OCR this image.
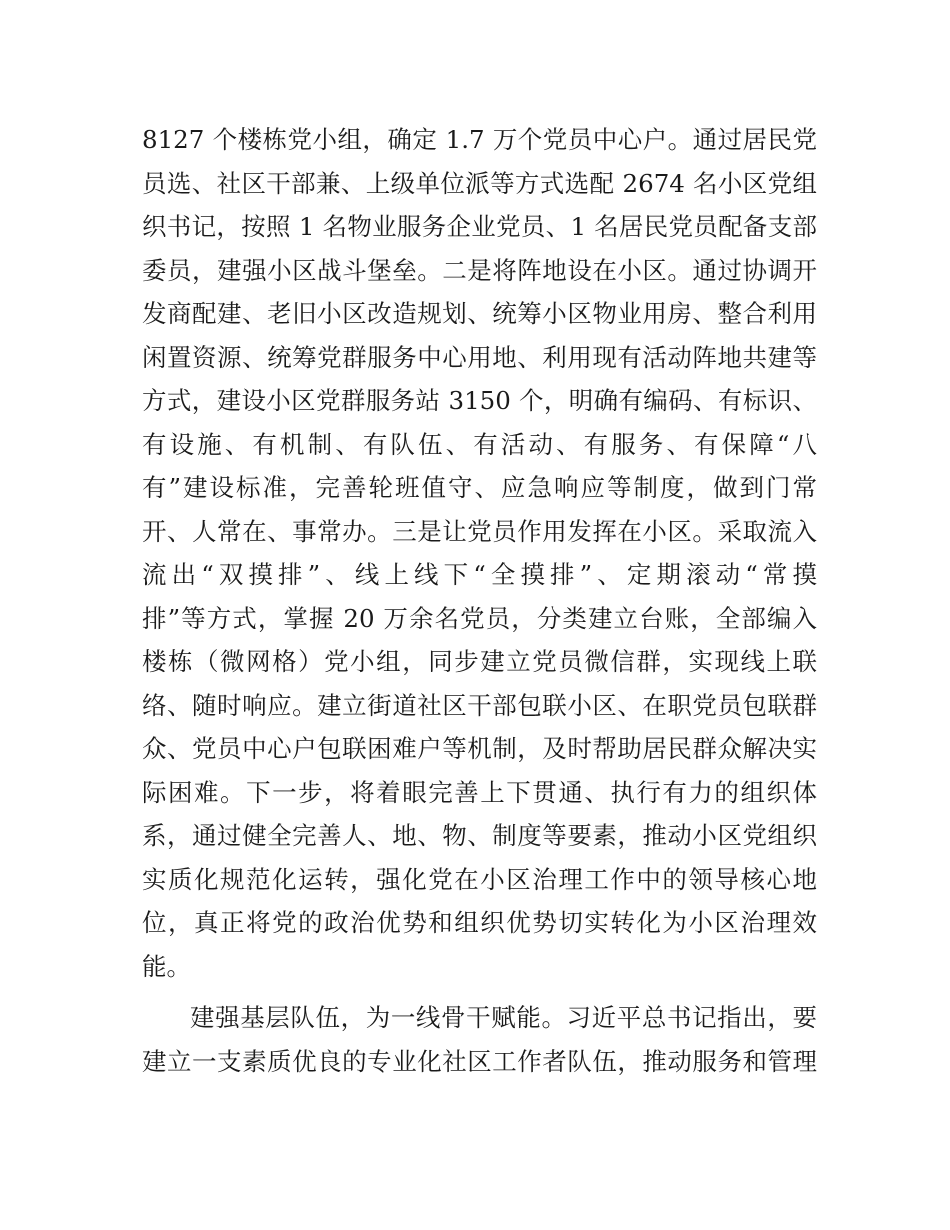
8127 个楼栋党小组，确定 1.7 万个党员中心户。通过居民党
员选、社区干部兼、上级单位派等方式选配 2674 名小区党组
织书记，按照 1 名物业服务企业党员、1 名居民党员配备支部
委员，建强小区战斗堡垒。二是将阵地设在小区。通过协调开
发商配建、老旧小区改造规划、统筹小区物业用房、整合利用
闲置资源、统筹党群服务中心用地、利用现有活动阵地共建等
方式，建设小区党群服务站 3150 个，明确有编码、有标识、
有设施、有机制、有队伍、有活动、有服务、有保障“八
有”建设标准，完善轮班值守、应急响应等制度，做到门常
开、人常在、事常办。三是让党员作用发挥在小区。采取流入
流出“双摸排”、线上线下“全摸排”、定期滚动“常摸
排”等方式，掌握 20 万余名党员，分类建立台账，全部编入
楼栋（微网格）党小组，同步建立党员微信群，实现线上联
络、随时响应。建立街道社区干部包联小区、在职党员包联群
众、党员中心户包联困难户等机制，及时帮助居民群众解决实
际困难。下一步，将着眼完善上下贯通、执行有力的组织体
系，通过健全完善人、地、物、制度等要素，推动小区党组织
实质化规范化运转，强化党在小区治理工作中的领导核心地
位，真正将党的政治优势和组织优势切实转化为小区治理效
能。
建强基层队伍，为一线骨干赋能。习近平总书记指出，要
建立一支素质优良的专业化社区工作者队伍，推动服务和管理
